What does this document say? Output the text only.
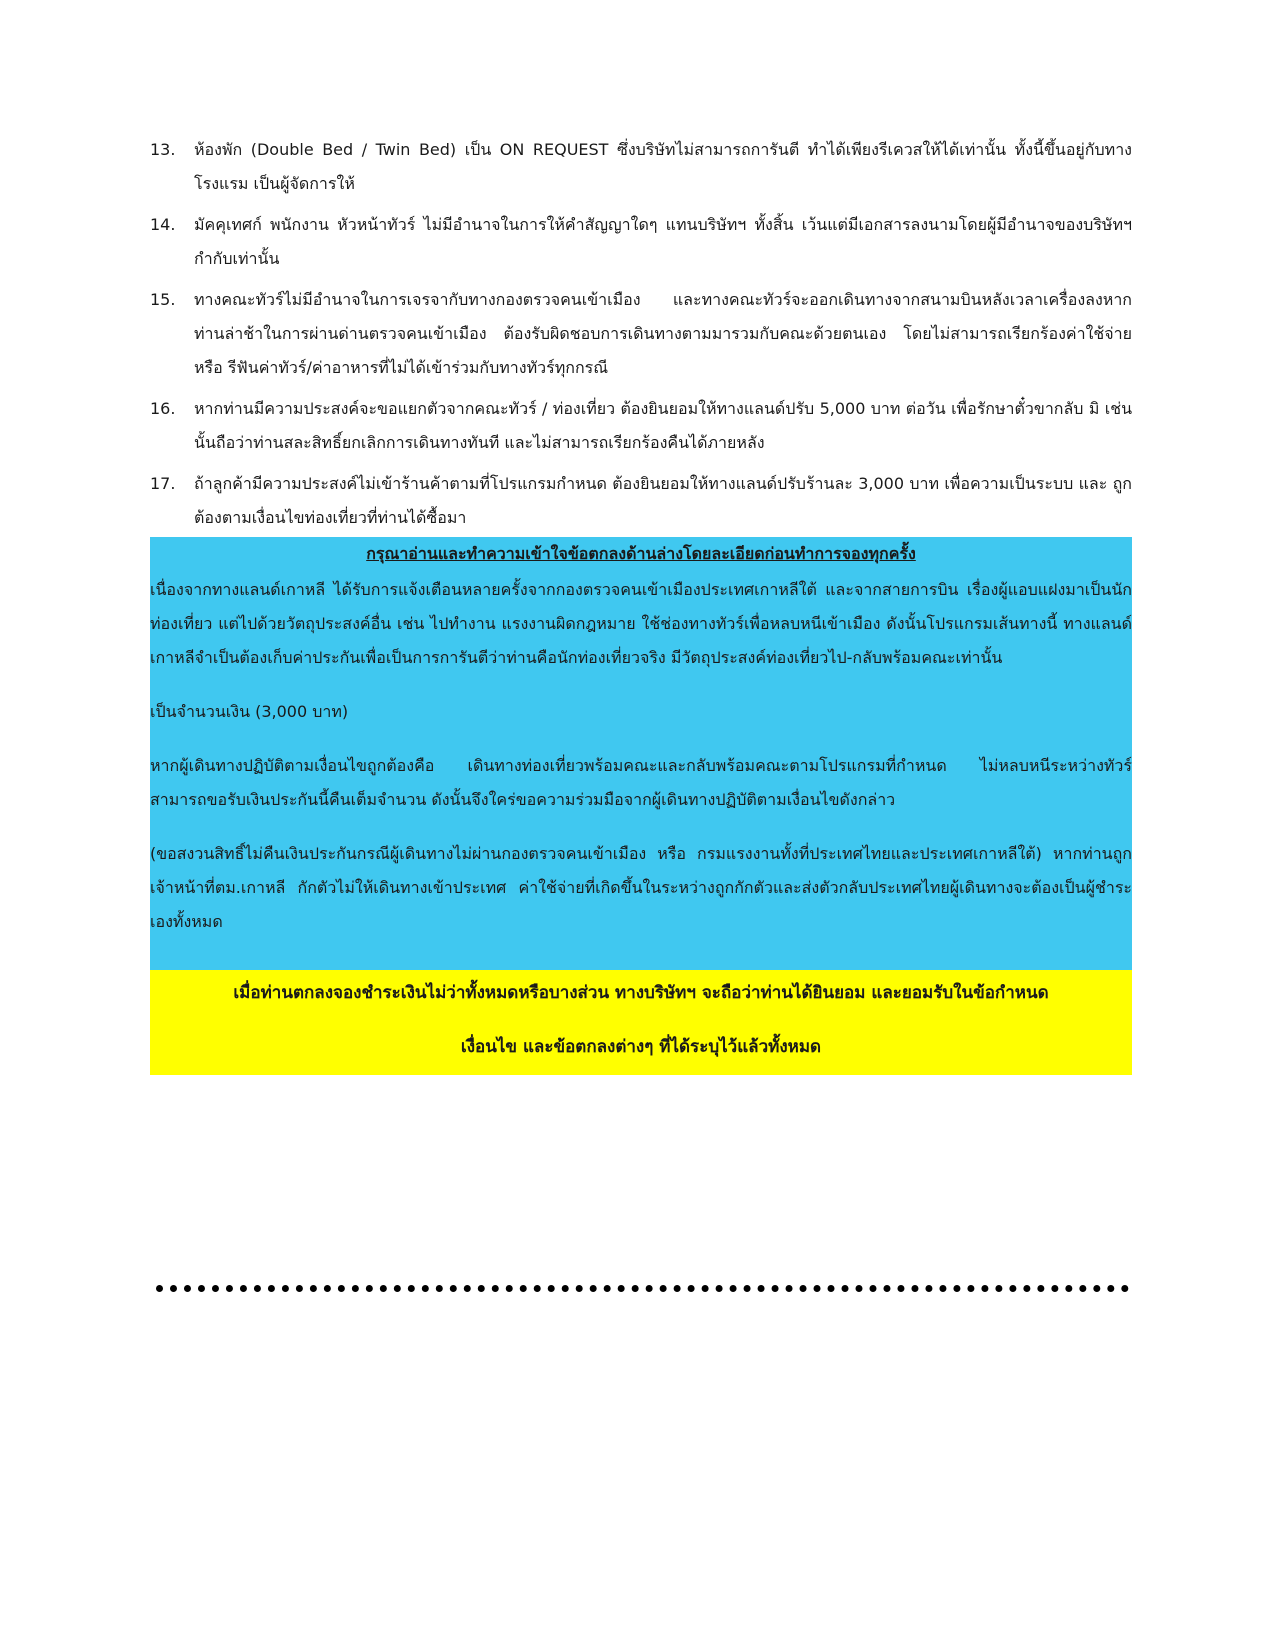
13.	ห้องพัก (Double Bed / Twin Bed) เป็น ON REQUEST ซึ่งบริษัทไม่สามารถการันตี ทำได้เพียงรีเควสให้ได้เท่านั้น ทั้งนี้ขึ้นอยู่กับทางโรงแรม เป็นผู้จัดการให้
14.	มัคคุเทศก์ พนักงาน หัวหน้าทัวร์ ไม่มีอำนาจในการให้คำสัญญาใดๆ แทนบริษัทฯ ทั้งสิ้น เว้นแต่มีเอกสารลงนามโดยผู้มีอำนาจของบริษัทฯ กำกับเท่านั้น
15.	ทางคณะทัวร์ไม่มีอำนาจในการเจรจากับทางกองตรวจคนเข้าเมือง และทางคณะทัวร์จะออกเดินทางจากสนามบินหลังเวลาเครื่องลงหาก ท่านล่าช้าในการผ่านด่านตรวจคนเข้าเมือง ต้องรับผิดชอบการเดินทางตามมารวมกับคณะด้วยตนเอง โดยไม่สามารถเรียกร้องค่าใช้จ่าย หรือ รีฟันค่าทัวร์/ค่าอาหารที่ไม่ได้เข้าร่วมกับทางทัวร์ทุกกรณี
16.	หากท่านมีความประสงค์จะขอแยกตัวจากคณะทัวร์ / ท่องเที่ยว ต้องยินยอมให้ทางแลนด์ปรับ 5,000 บาท ต่อวัน เพื่อรักษาตั๋วขากลับ มิ เช่นนั้นถือว่าท่านสละสิทธิ์ยกเลิกการเดินทางทันที และไม่สามารถเรียกร้องคืนได้ภายหลัง
17.	ถ้าลูกค้ามีความประสงค์ไม่เข้าร้านค้าตามที่โปรแกรมกำหนด ต้องยินยอมให้ทางแลนด์ปรับร้านละ 3,000 บาท เพื่อความเป็นระบบ และ ถูกต้องตามเงื่อนไขท่องเที่ยวที่ท่านได้ซื้อมา
กรุณาอ่านและทำความเข้าใจข้อตกลงด้านล่างโดยละเอียดก่อนทำการจองทุกครั้ง

เนื่องจากทางแลนด์เกาหลี ได้รับการแจ้งเตือนหลายครั้งจากกองตรวจคนเข้าเมืองประเทศเกาหลีใต้ และจากสายการบิน เรื่องผู้แอบแฝงมาเป็นนักท่องเที่ยว แต่ไปด้วยวัตถุประสงค์อื่น เช่น ไปทำงาน แรงงานผิดกฎหมาย ใช้ช่องทางทัวร์เพื่อหลบหนีเข้าเมือง ดังนั้นโปรแกรมเส้นทางนี้ ทางแลนด์เกาหลีจำเป็นต้องเก็บค่าประกันเพื่อเป็นการการันตีว่าท่านคือนักท่องเที่ยวจริง มีวัตถุประสงค์ท่องเที่ยวไป-กลับพร้อมคณะเท่านั้น

เป็นจำนวนเงิน (3,000 บาท)

หากผู้เดินทางปฏิบัติตามเงื่อนไขถูกต้องคือ เดินทางท่องเที่ยวพร้อมคณะและกลับพร้อมคณะตามโปรแกรมที่กำหนด ไม่หลบหนีระหว่างทัวร์ สามารถขอรับเงินประกันนี้คืนเต็มจำนวน ดังนั้นจึงใคร่ขอความร่วมมือจากผู้เดินทางปฏิบัติตามเงื่อนไขดังกล่าว

(ขอสงวนสิทธิ์ไม่คืนเงินประกันกรณีผู้เดินทางไม่ผ่านกองตรวจคนเข้าเมือง หรือ กรมแรงงานทั้งที่ประเทศไทยและประเทศเกาหลีใต้) หากท่านถูกเจ้าหน้าที่ตม.เกาหลี กักตัวไม่ให้เดินทางเข้าประเทศ ค่าใช้จ่ายที่เกิดขึ้นในระหว่างถูกกักตัวและส่งตัวกลับประเทศไทยผู้เดินทางจะต้องเป็นผู้ชำระเองทั้งหมด

เมื่อท่านตกลงจองชำระเงินไม่ว่าทั้งหมดหรือบางส่วน ทางบริษัทฯ จะถือว่าท่านได้ยินยอม และยอมรับในข้อกำหนด
เงื่อนไข และข้อตกลงต่างๆ ที่ได้ระบุไว้แล้วทั้งหมด
